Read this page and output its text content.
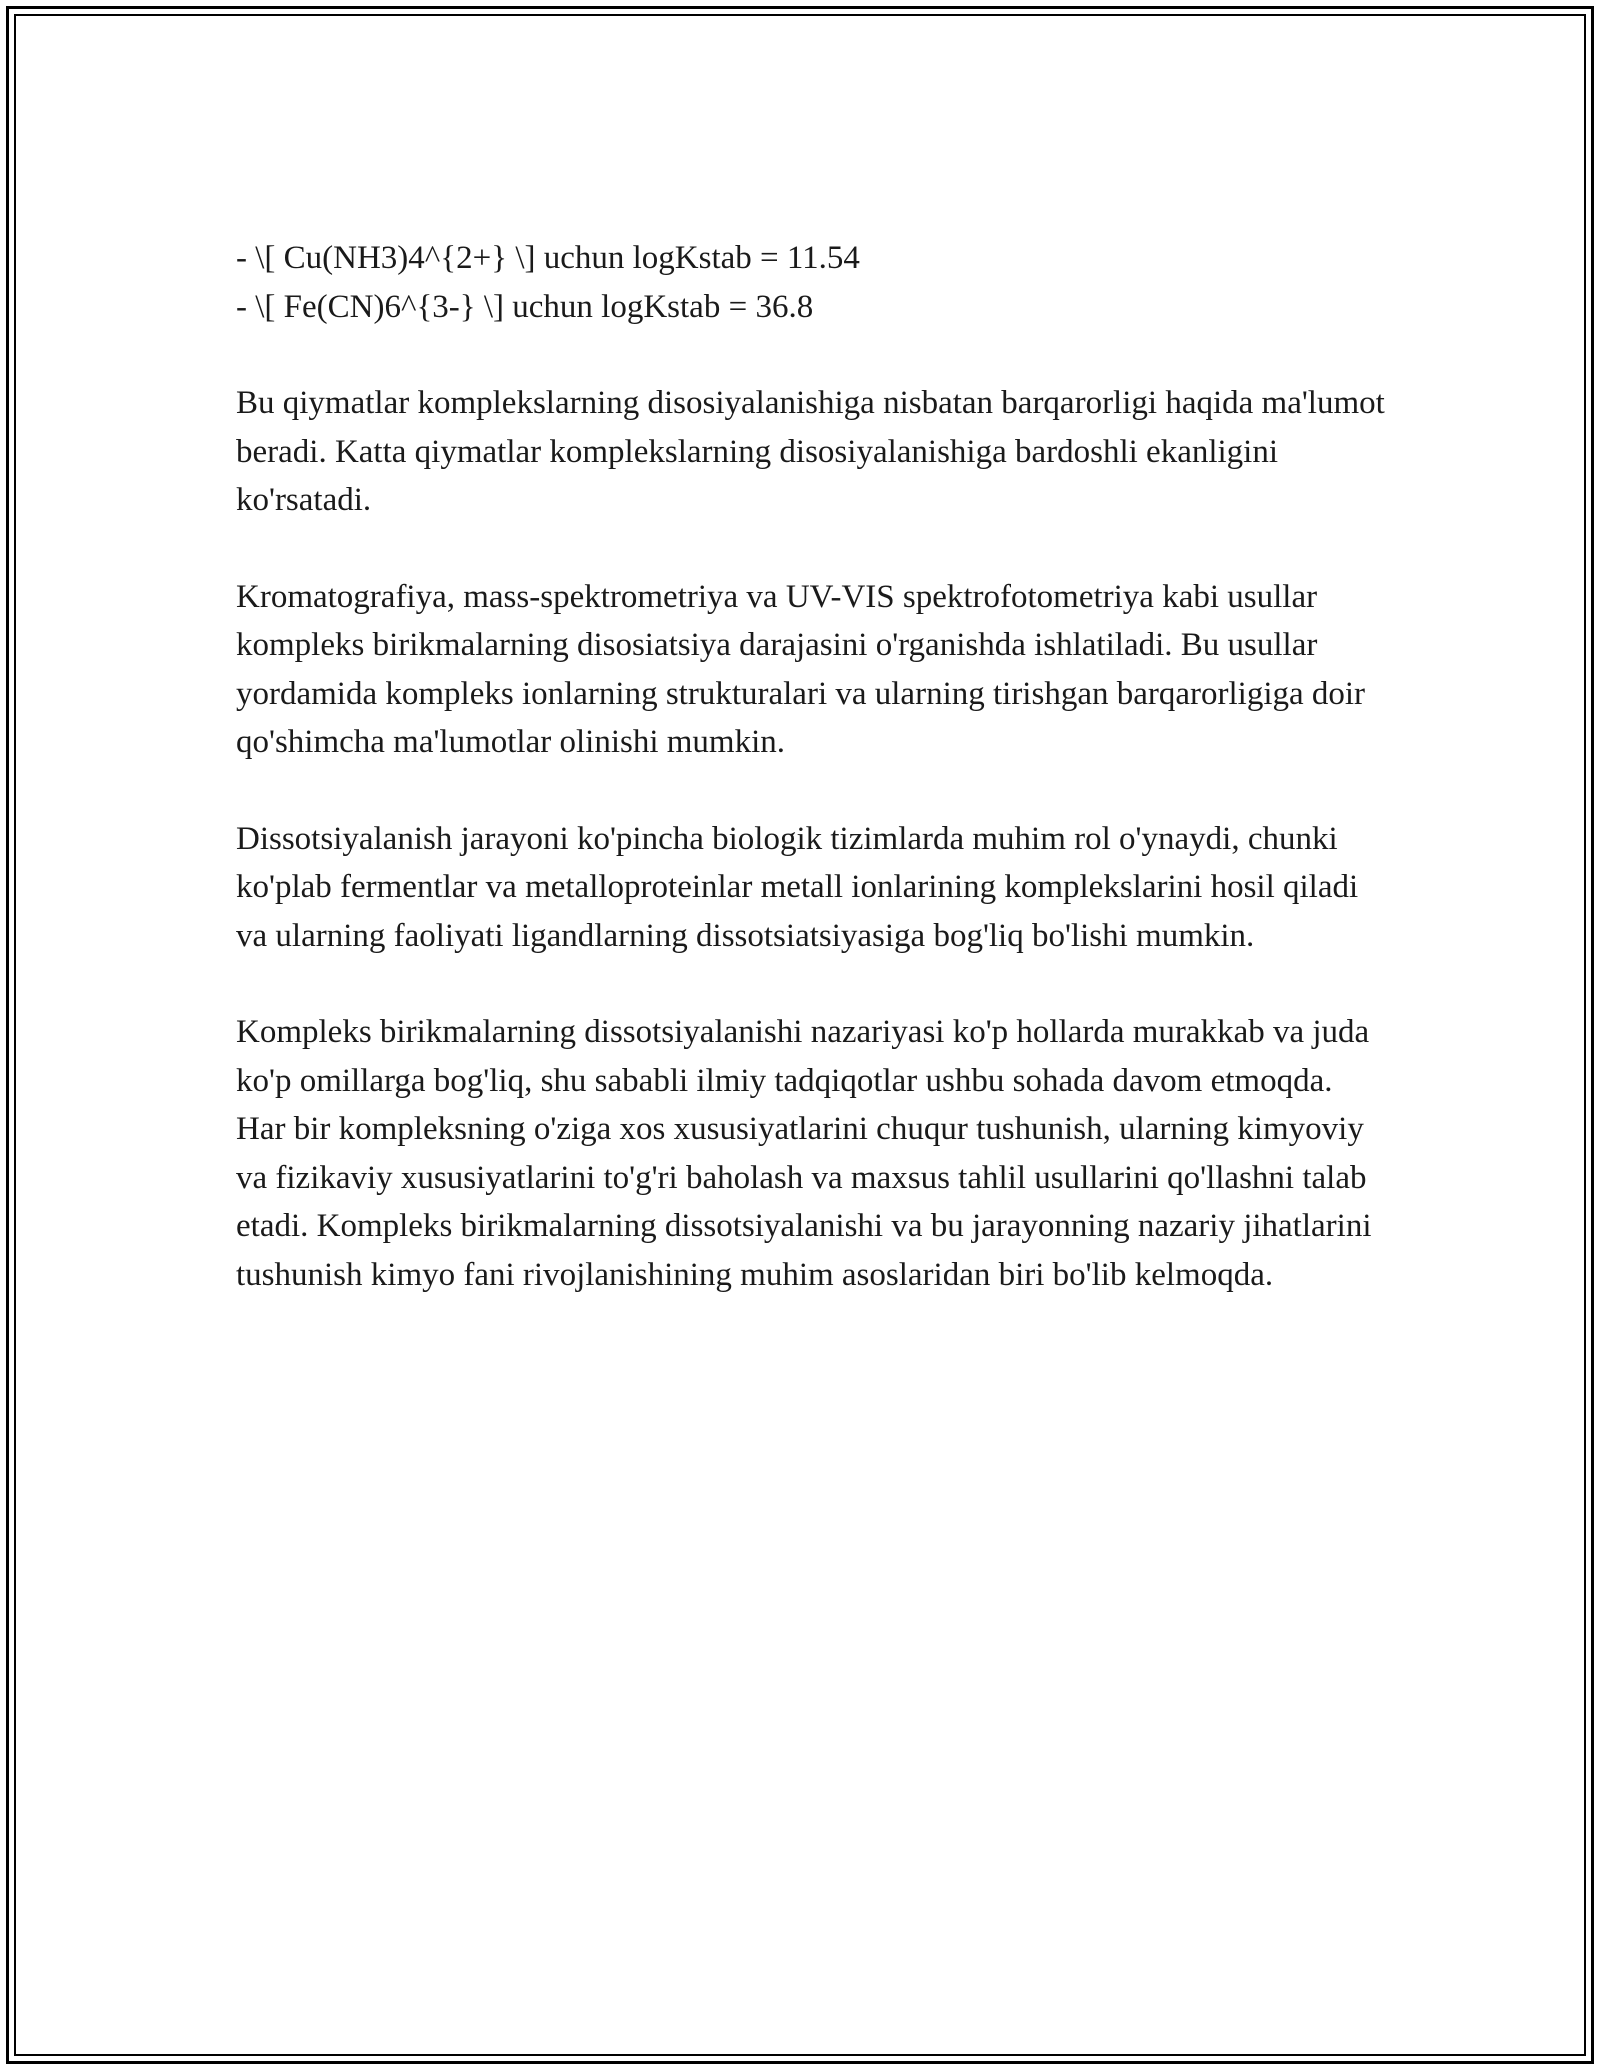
- \[ Cu(NH3)4^{2+} \] uchun logKstab = 11.54

- \[ Fe(CN)6^{3-} \] uchun logKstab = 36.8

Bu qiymatlar komplekslarning disosiyalanishiga nisbatan barqarorligi haqida ma'lumot beradi. Katta qiymatlar komplekslarning disosiyalanishiga bardoshli ekanligini ko'rsatadi.

Kromatografiya, mass-spektrometriya va UV-VIS spektrofotometriya kabi usullar kompleks birikmalarning disosiatsiya darajasini o'rganishda ishlatiladi. Bu usullar yordamida kompleks ionlarning strukturalari va ularning tirishgan barqarorligiga doir qo'shimcha ma'lumotlar olinishi mumkin.

Dissotsiyalanish jarayoni ko'pincha biologik tizimlarda muhim rol o'ynaydi, chunki ko'plab fermentlar va metalloproteinlar metall ionlarining komplekslarini hosil qiladi va ularning faoliyati ligandlarning dissotsiatsiyasiga bog'liq bo'lishi mumkin.

Kompleks birikmalarning dissotsiyalanishi nazariyasi ko'p hollarda murakkab va juda ko'p omillarga bog'liq, shu sababli ilmiy tadqiqotlar ushbu sohada davom etmoqda. Har bir kompleksning o'ziga xos xususiyatlarini chuqur tushunish, ularning kimyoviy va fizikaviy xususiyatlarini to'g'ri baholash va maxsus tahlil usullarini qo'llashni talab etadi. Kompleks birikmalarning dissotsiyalanishi va bu jarayonning nazariy jihatlarini tushunish kimyo fani rivojlanishining muhim asoslaridan biri bo'lib kelmoqda.
